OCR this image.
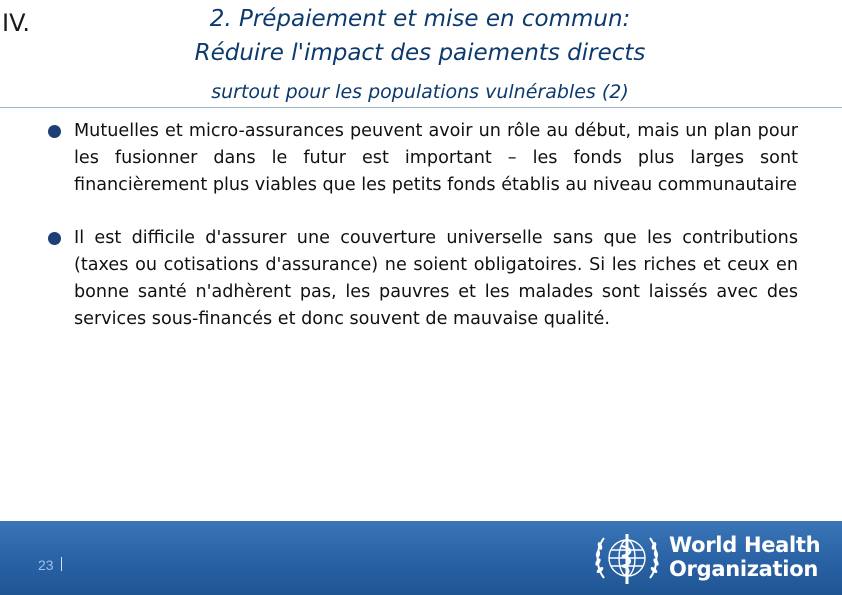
IV.	2. Prépaiement et mise en commun:
Réduire l'impact des paiements directs
surtout pour les populations vulnérables (2)
Mutuelles et micro-assurances peuvent avoir un rôle au début, mais un plan pour les fusionner dans le futur est important – les fonds plus larges sont financièrement plus viables que les petits fonds établis au niveau communautaire
Il est difficile d'assurer une couverture universelle sans que les contributions (taxes ou cotisations d'assurance) ne soient obligatoires. Si les riches et ceux en bonne santé n'adhèrent pas, les pauvres et les malades sont laissés avec des services sous-financés et donc souvent de mauvaise qualité.
23
World Health
Organization
